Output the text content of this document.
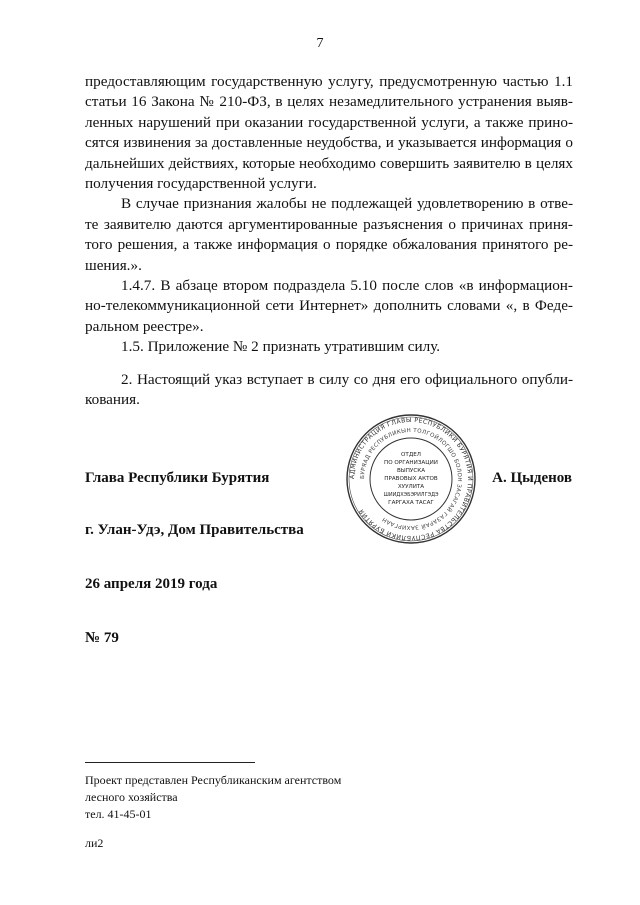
7
предоставляющим государственную услугу, предусмотренную частью 1.1
статьи 16 Закона № 210-ФЗ, в целях незамедлительного устранения выяв-
ленных нарушений при оказании государственной услуги, а также прино-
сятся извинения за доставленные неудобства, и указывается информация о
дальнейших действиях, которые необходимо совершить заявителю в целях
получения государственной услуги.
В случае признания жалобы не подлежащей удовлетворению в отве-
те заявителю даются аргументированные разъяснения о причинах приня-
того решения, а также информация о порядке обжалования принятого ре-
шения.».
1.4.7. В абзаце втором подраздела 5.10 после слов «в информацион-
но-телекоммуникационной сети Интернет» дополнить словами «, в Федe-
ральном реестре».
1.5. Приложение № 2 признать утратившим силу.
2. Настоящий указ вступает в силу со дня его официального опубли-
кования.
АДМИНИСТРАЦИЯ ГЛАВЫ РЕСПУБЛИКИ БУРЯТИЯ И ПРАВИТЕЛЬСТВА РЕСПУБЛИКИ БУРЯТИЯ
БУРЯАД РЕСПУБЛИКЫН ТОЛГОЙЛОГШО БОЛОН ЗАСАГАЙ ГАЗАРАЙ ЗАХИРГААН
ОТДЕЛ
ПО ОРГАНИЗАЦИИ
ВЫПУСКА
ПРАВОВЫХ АКТОВ
ХУУЛИТА
ШИИДХЭБЭРИЛГЭДЭ
ГАРГАХА ТАСАГ
Глава Республики Бурятия	А. Цыденов
г. Улан-Удэ, Дом Правительства
26 апреля 2019 года
№ 79
Проект представлен Республиканским агентством
лесного хозяйства
тел. 41-45-01
ли2
